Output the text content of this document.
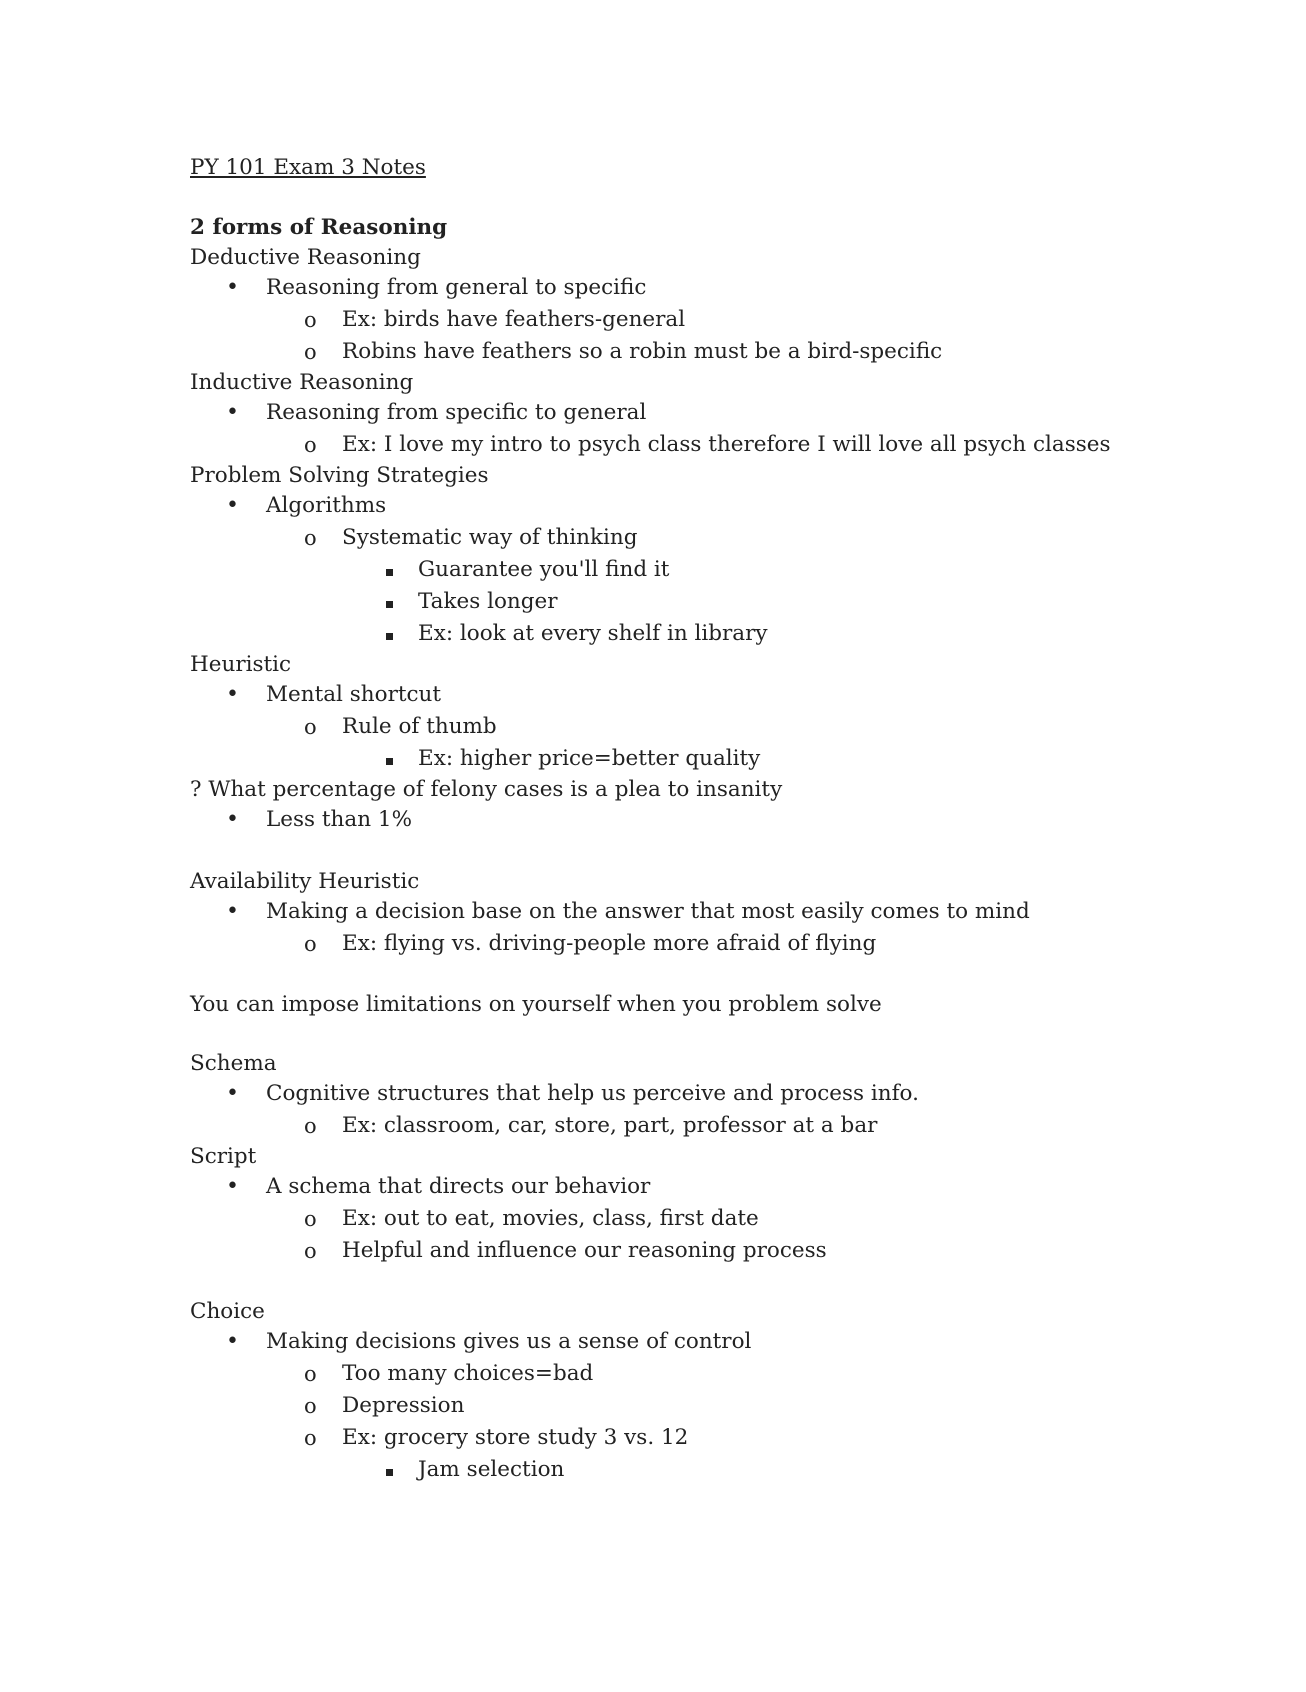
PY 101 Exam 3 Notes
2 forms of Reasoning
Deductive Reasoning
•
Reasoning from general to specific
o
Ex: birds have feathers-general
o
Robins have feathers so a robin must be a bird-specific
Inductive Reasoning
•
Reasoning from specific to general
o
Ex: I love my intro to psych class therefore I will love all psych classes
Problem Solving Strategies
•
Algorithms
o
Systematic way of thinking
Guarantee you'll find it
Takes longer
Ex: look at every shelf in library
Heuristic
•
Mental shortcut
o
Rule of thumb
Ex: higher price=better quality
? What percentage of felony cases is a plea to insanity
•
Less than 1%
Availability Heuristic
•
Making a decision base on the answer that most easily comes to mind
o
Ex: flying vs. driving-people more afraid of flying
You can impose limitations on yourself when you problem solve
Schema
•
Cognitive structures that help us perceive and process info.
o
Ex: classroom, car, store, part, professor at a bar
Script
•
A schema that directs our behavior
o
Ex: out to eat, movies, class, first date
o
Helpful and influence our reasoning process
Choice
•
Making decisions gives us a sense of control
o
Too many choices=bad
o
Depression
o
Ex: grocery store study 3 vs. 12
Jam selection
